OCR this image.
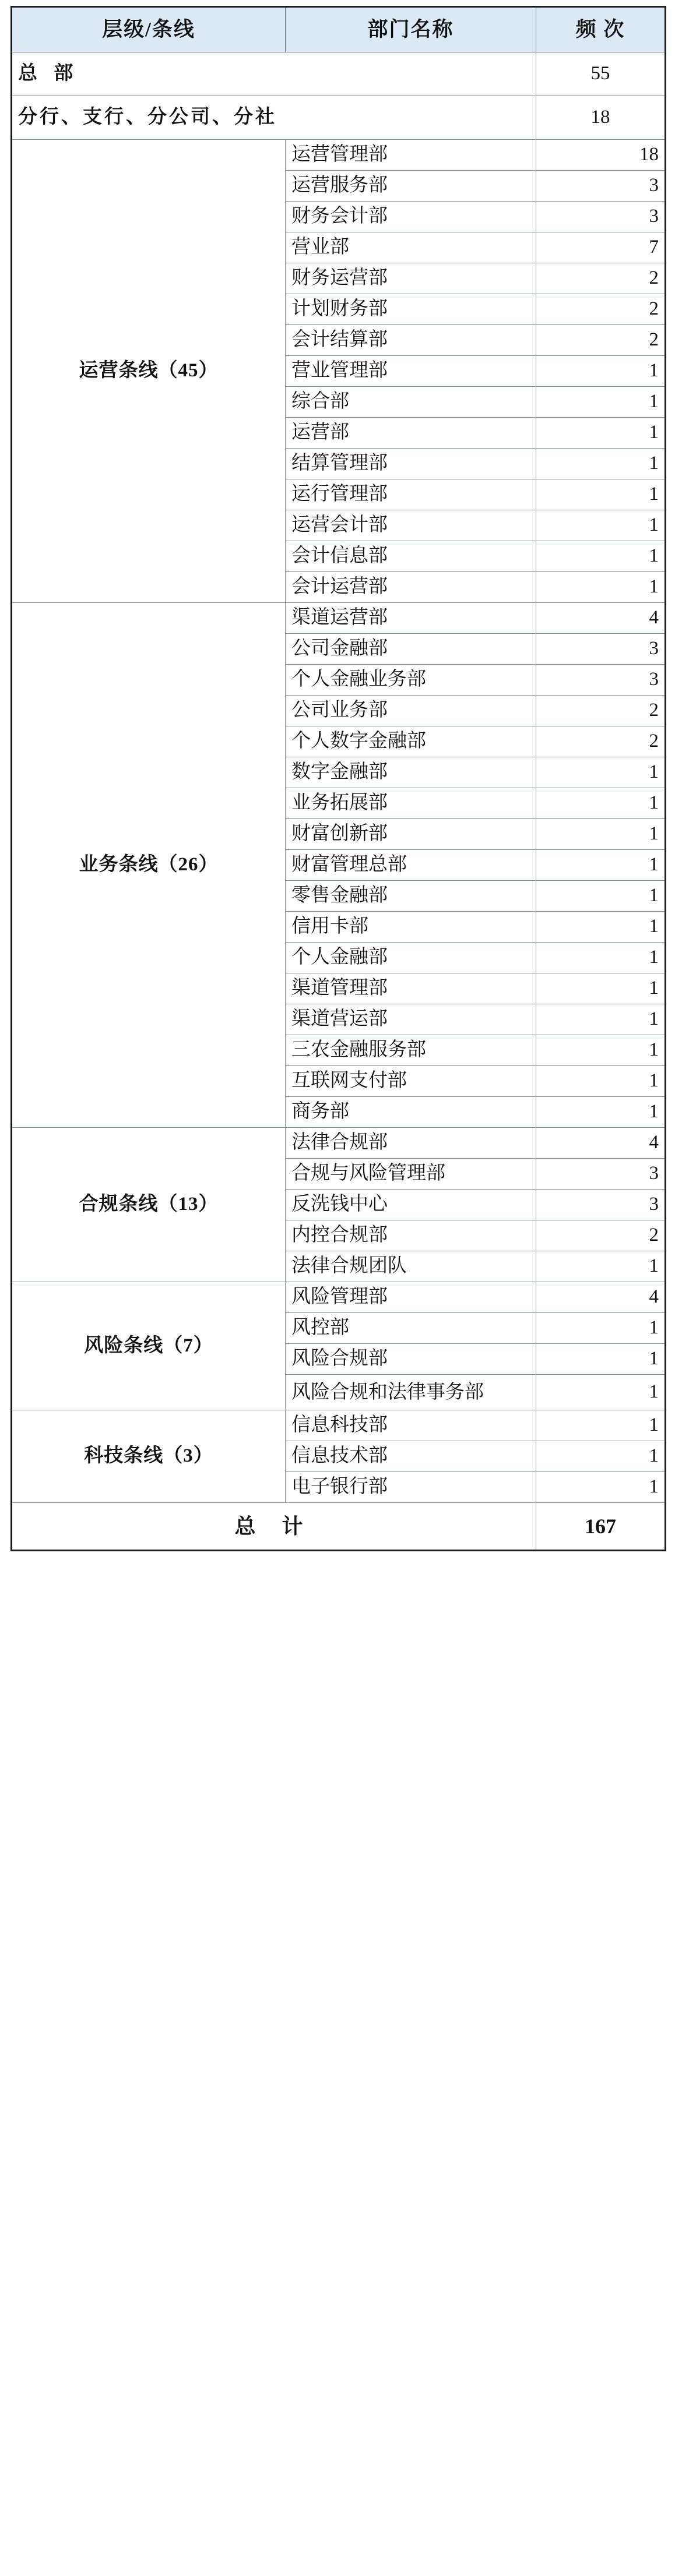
层级/条线	部门名称	频 次
总 部		55
分行、支行、分公司、分社		18
运营条线（45）	运营管理部	18
	运营服务部	3
	财务会计部	3
	营业部	7
	财务运营部	2
	计划财务部	2
	会计结算部	2
	营业管理部	1
	综合部	1
	运营部	1
	结算管理部	1
	运行管理部	1
	运营会计部	1
	会计信息部	1
	会计运营部	1
业务条线（26）	渠道运营部	4
	公司金融部	3
	个人金融业务部	3
	公司业务部	2
	个人数字金融部	2
	数字金融部	1
	业务拓展部	1
	财富创新部	1
	财富管理总部	1
	零售金融部	1
	信用卡部	1
	个人金融部	1
	渠道管理部	1
	渠道营运部	1
	三农金融服务部	1
	互联网支付部	1
	商务部	1
合规条线（13）	法律合规部	4
	合规与风险管理部	3
	反洗钱中心	3
	内控合规部	2
	法律合规团队	1
风险条线（7）	风险管理部	4
	风控部	1
	风险合规部	1
	风险合规和法律事务部	1
科技条线（3）	信息科技部	1
	信息技术部	1
	电子银行部	1
总 计		167
